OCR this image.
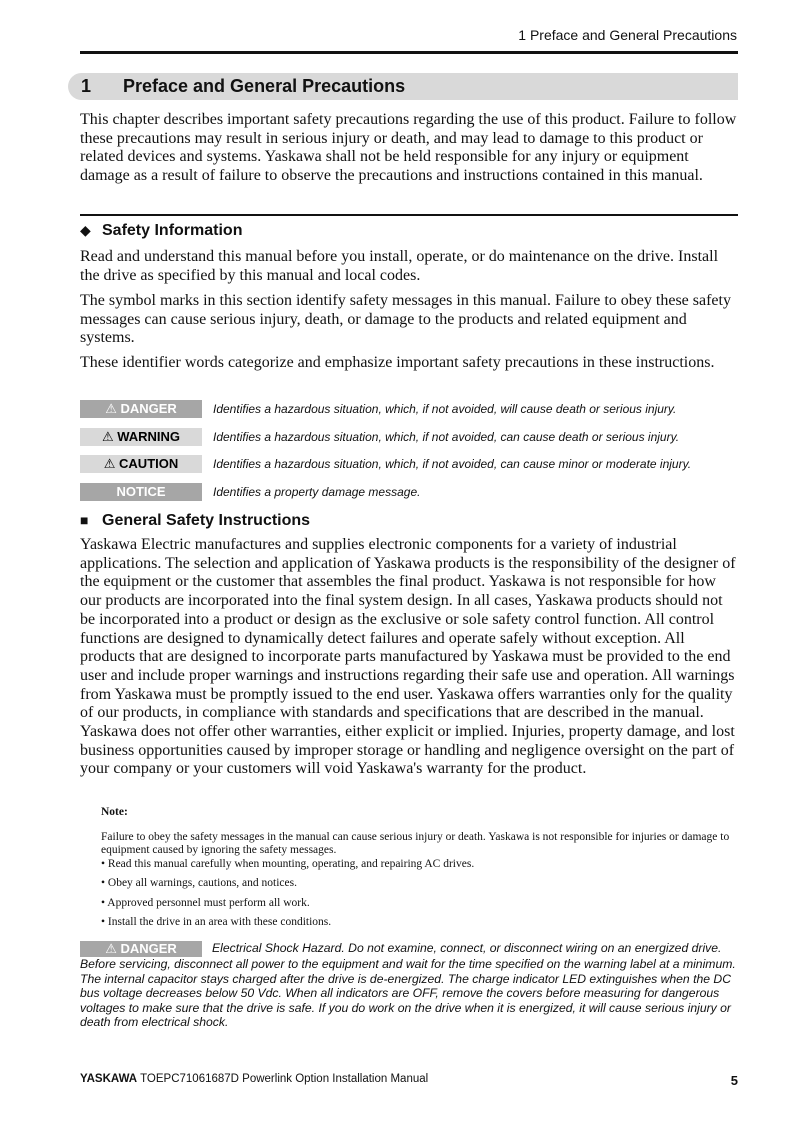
1 Preface and General Precautions
1 Preface and General Precautions

This chapter describes important safety precautions regarding the use of this product. Failure to follow these precautions may result in serious injury or death, and may lead to damage to this product or related devices and systems. Yaskawa shall not be held responsible for any injury or equipment damage as a result of failure to observe the precautions and instructions contained in this manual.

◆ Safety Information

Read and understand this manual before you install, operate, or do maintenance on the drive. Install the drive as specified by this manual and local codes.

The symbol marks in this section identify safety messages in this manual. Failure to obey these safety messages can cause serious injury, death, or damage to the products and related equipment and systems.

These identifier words categorize and emphasize important safety precautions in these instructions.

⚠ DANGER	Identifies a hazardous situation, which, if not avoided, will cause death or serious injury.
⚠ WARNING	Identifies a hazardous situation, which, if not avoided, can cause death or serious injury.
⚠ CAUTION	Identifies a hazardous situation, which, if not avoided, can cause minor or moderate injury.
NOTICE	Identifies a property damage message.
■ General Safety Instructions

Yaskawa Electric manufactures and supplies electronic components for a variety of industrial applications. The selection and application of Yaskawa products is the responsibility of the designer of the equipment or the customer that assembles the final product. Yaskawa is not responsible for how our products are incorporated into the final system design. In all cases, Yaskawa products should not be incorporated into a product or design as the exclusive or sole safety control function. All control functions are designed to dynamically detect failures and operate safely without exception. All products that are designed to incorporate parts manufactured by Yaskawa must be provided to the end user and include proper warnings and instructions regarding their safe use and operation. All warnings from Yaskawa must be promptly issued to the end user. Yaskawa offers warranties only for the quality of our products, in compliance with standards and specifications that are described in the manual. Yaskawa does not offer other warranties, either explicit or implied. Injuries, property damage, and lost business opportunities caused by improper storage or handling and negligence oversight on the part of your company or your customers will void Yaskawa's warranty for the product.

Note:

Failure to obey the safety messages in the manual can cause serious injury or death. Yaskawa is not responsible for injuries or damage to equipment caused by ignoring the safety messages.

• Read this manual carefully when mounting, operating, and repairing AC drives.

• Obey all warnings, cautions, and notices.

• Approved personnel must perform all work.

• Install the drive in an area with these conditions.

⚠ DANGER	Electrical Shock Hazard. Do not examine, connect, or disconnect wiring on an energized drive. Before servicing, disconnect all power to the equipment and wait for the time specified on the warning label at a minimum. The internal capacitor stays charged after the drive is de-energized. The charge indicator LED extinguishes when the DC bus voltage decreases below 50 Vdc. When all indicators are OFF, remove the covers before measuring for dangerous voltages to make sure that the drive is safe. If you do work on the drive when it is energized, it will cause serious injury or death from electrical shock.
YASKAWA TOEPC71061687D Powerlink Option Installation Manual	5
